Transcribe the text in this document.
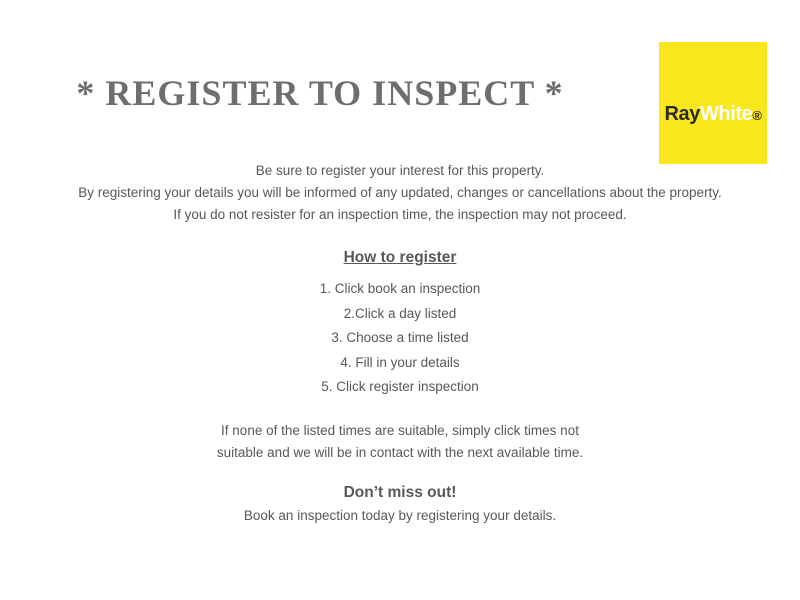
RayWhite®
* REGISTER TO INSPECT *

Be sure to register your interest for this property.

By registering your details you will be informed of any updated, changes or cancellations about the property.

If you do not resister for an inspection time, the inspection may not proceed.

How to register
1. Click book an inspection
2.Click a day listed
3. Choose a time listed
4. Fill in your details
5. Click register inspection

If none of the listed times are suitable, simply click times not

suitable and we will be in contact with the next available time.

Don’t miss out!
Book an inspection today by registering your details.
